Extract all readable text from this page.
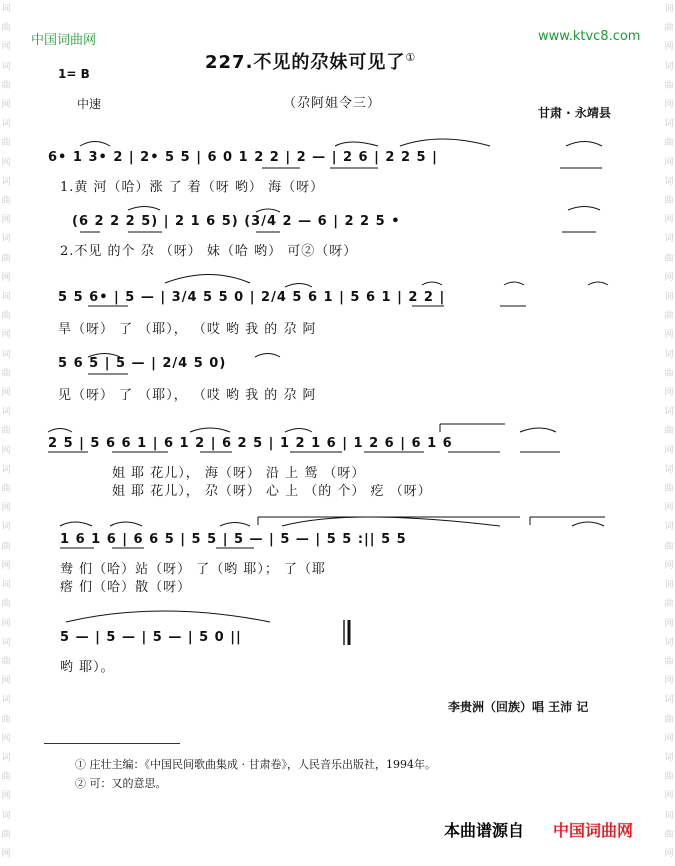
词曲网词曲网词曲网词曲网词曲网词曲网词曲网词曲网词曲网词曲网词曲网词曲网词曲网词曲网词曲网
词曲网词曲网词曲网词曲网词曲网词曲网词曲网词曲网词曲网词曲网词曲网词曲网词曲网词曲网词曲网
中国词曲网	www.ktvc8.com
227.不见的尕妹可见了①
1= B
（尕阿姐令三）
中速
甘肃 · 永靖县
6• 1 3• 2 | 2• 5 5 | 6 0 1 2 2 | 2 — | 2 6 | 2 2 5 |
1.黄 河（哈）涨 了 着（呀 哟） 海（呀）
(6 2 2 2 5) | 2 1 6 5) (3/4 2 — 6 | 2 2 5 •
2.不见 的个 尕 （呀） 妹（哈 哟） 可②（呀）
5 5 6• | 5 — | 3/4 5 5 0 | 2/4 5 6 1 | 5 6 1 | 2 2 |
旱（呀） 了 （耶）， （哎 哟 我 的 尕 阿
5 6 5 | 5 — | 2/4 5 0)
见（呀） 了 （耶）， （哎 哟 我 的 尕 阿
2 5 | 5 6 6 1 | 6 1 2 | 6 2 5 | 1 2 1 6 | 1 2 6 | 6 1 6
姐 耶 花儿）， 海（呀） 沿 上 鸳 （呀）
姐 耶 花儿）， 尕（呀） 心 上 （的 个） 疙 （呀）
1 6 1 6 | 6 6 5 | 5 5 | 5 — | 5 — | 5 5 :|| 5 5
鸯 们（哈）站（呀） 了（哟 耶）； 了（耶
瘩 们（哈）散（呀）
5 — | 5 — | 5 — | 5 0 ||
哟 耶）。
李贵洲（回族）唱 王沛 记
① 庄壮主编：《中国民间歌曲集成 · 甘肃卷》，人民音乐出版社，1994年。
② 可：又的意思。
本曲谱源自 中国词曲网
